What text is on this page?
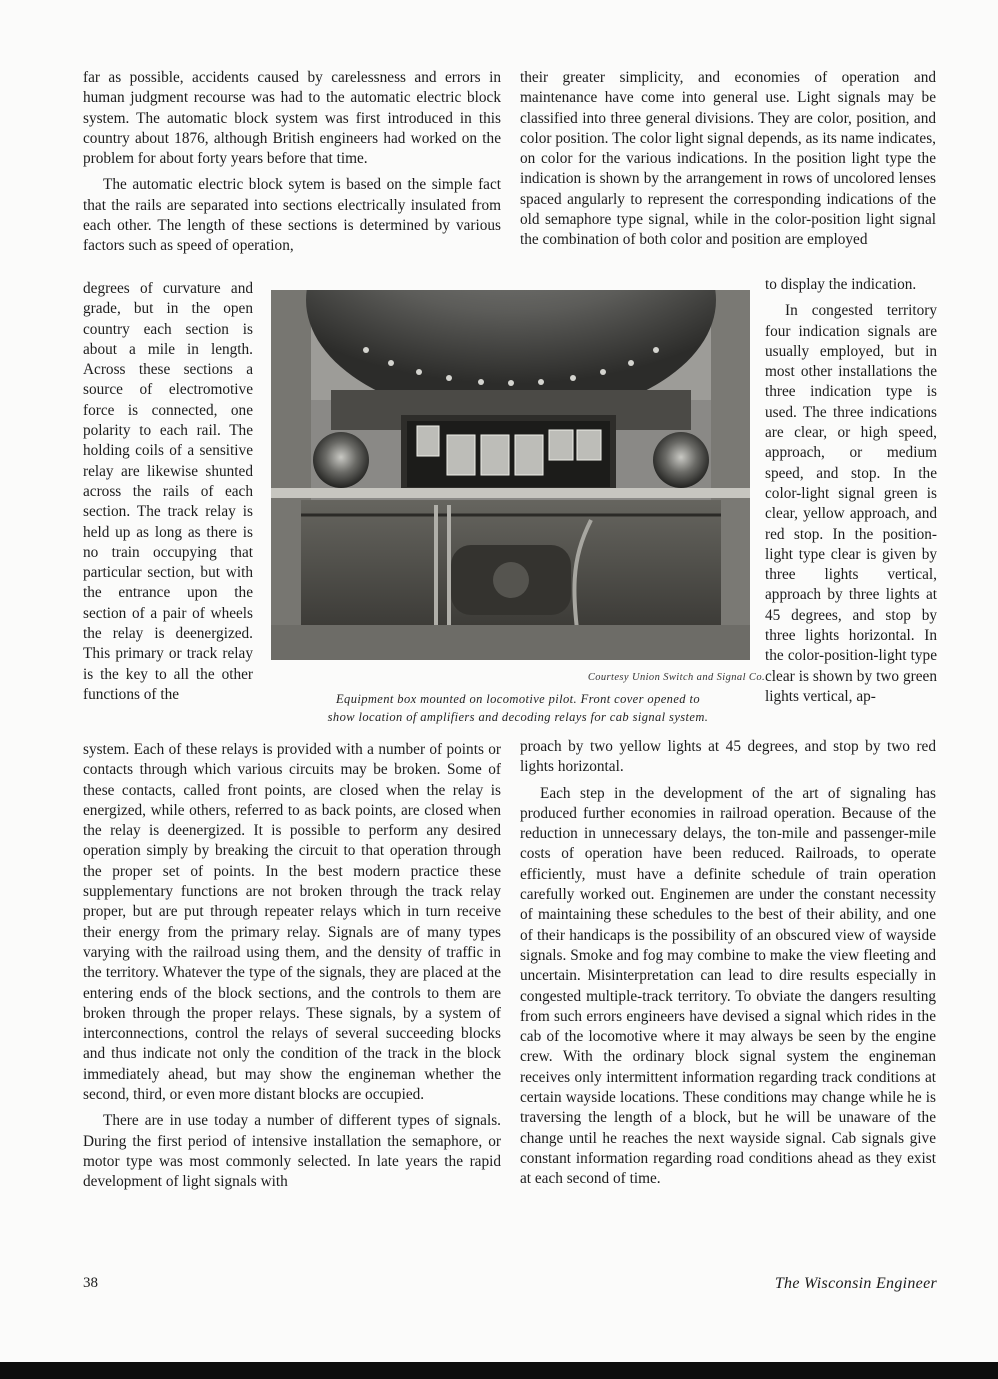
far as possible, accidents caused by carelessness and errors in human judgment recourse was had to the automatic electric block system. The automatic block system was first introduced in this country about 1876, although British engineers had worked on the problem for about forty years before that time.

The automatic electric block sytem is based on the simple fact that the rails are separated into sections electrically insulated from each other. The length of these sections is determined by various factors such as speed of operation,

degrees of curvature and grade, but in the open country each section is about a mile in length. Across these sections a source of electromotive force is connected, one polarity to each rail. The holding coils of a sensitive relay are likewise shunted across the rails of each section. The track relay is held up as long as there is no train occupying that particular section, but with the entrance upon the section of a pair of wheels the relay is deenergized. This primary or track relay is the key to all the other functions of the

system. Each of these relays is provided with a number of points or contacts through which various circuits may be broken. Some of these contacts, called front points, are closed when the relay is energized, while others, referred to as back points, are closed when the relay is deenergized. It is possible to perform any desired operation simply by breaking the circuit to that operation through the proper set of points. In the best modern practice these supplementary functions are not broken through the track relay proper, but are put through repeater relays which in turn receive their energy from the primary relay. Signals are of many types varying with the railroad using them, and the density of traffic in the territory. Whatever the type of the signals, they are placed at the entering ends of the block sections, and the controls to them are broken through the proper relays. These signals, by a system of interconnections, control the relays of several succeeding blocks and thus indicate not only the condition of the track in the block immediately ahead, but may show the engineman whether the second, third, or even more distant blocks are occupied.

There are in use today a number of different types of signals. During the first period of intensive installation the semaphore, or motor type was most commonly selected. In late years the rapid development of light signals with

their greater simplicity, and economies of operation and maintenance have come into general use. Light signals may be classified into three general divisions. They are color, position, and color position. The color light signal depends, as its name indicates, on color for the various indications. In the position light type the indication is shown by the arrangement in rows of uncolored lenses spaced angularly to represent the corresponding indications of the old semaphore type signal, while in the color-position light signal the combination of both color and position are employed

to display the indication.

In congested territory four indication signals are usually employed, but in most other installations the three indication type is used. The three indications are clear, or high speed, approach, or medium speed, and stop. In the color-light signal green is clear, yellow approach, and red stop. In the position-light type clear is given by three lights vertical, approach by three lights at 45 degrees, and stop by three lights horizontal. In the color-position-light type clear is shown by two green lights vertical, ap-

proach by two yellow lights at 45 degrees, and stop by two red lights horizontal.

Each step in the development of the art of signaling has produced further economies in railroad operation. Because of the reduction in unnecessary delays, the ton-mile and passenger-mile costs of operation have been reduced. Railroads, to operate efficiently, must have a definite schedule of train operation carefully worked out. Enginemen are under the constant necessity of maintaining these schedules to the best of their ability, and one of their handicaps is the possibility of an obscured view of wayside signals. Smoke and fog may combine to make the view fleeting and uncertain. Misinterpretation can lead to dire results especially in congested multiple-track territory. To obviate the dangers resulting from such errors engineers have devised a signal which rides in the cab of the locomotive where it may always be seen by the engine crew. With the ordinary block signal system the engineman receives only intermittent information regarding track conditions at certain wayside locations. These conditions may change while he is traversing the length of a block, but he will be unaware of the change until he reaches the next wayside signal. Cab signals give constant information regarding road conditions ahead as they exist at each second of time.

Courtesy Union Switch and Signal Co.
Equipment box mounted on locomotive pilot. Front cover opened to
show location of amplifiers and decoding relays for cab signal system.
38	The Wisconsin Engineer
